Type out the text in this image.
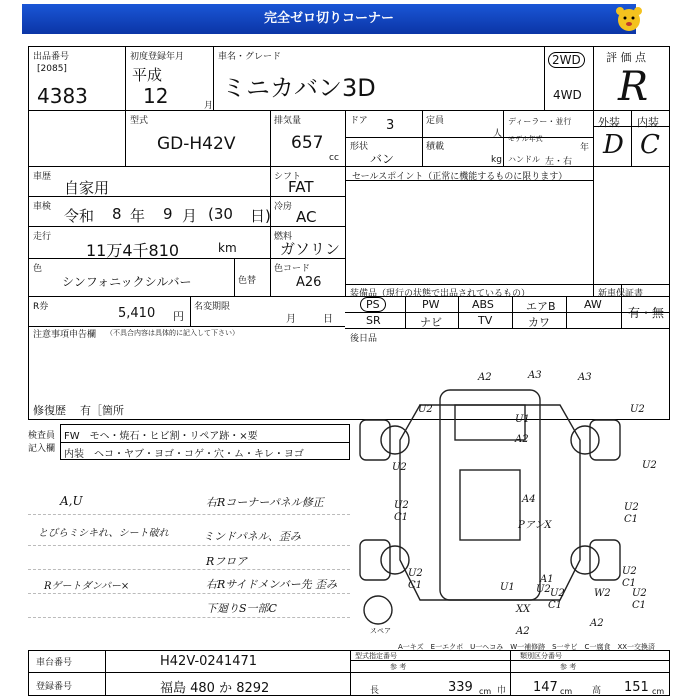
完全ゼロ切りコーナー
出品番号
[2085]
4383
初度登録年月
平成
12	月
車名・グレード
ミニカバン3D
2WD
4WD
評 価 点
R
型式
GD-H42V
排気量
657
cc
ドア 3	定員
人
形状
バン
積載
kg
ディーラー・並行
モデル年式
年
ハンドル 左・右
外装 内装
D C
車歴
自家用
シフト
FAT
車検 令和 8 年 9 月 (30 日) 冷房
AC
走行
11万4千810	km
燃料
ガソリン
色
シンフォニックシルバー	色替
色コード
A26
セールスポイント（正常に機能するものに限ります）
装備品（現行の状態で出品されているもの）	新車保証書
R券	5,410 円
名変期限
月	日
PS	PW	ABS	エアB	AW
SR	ナビ	TV	カワ
有・無
後日品
注意事項申告欄 （不具合内容は具体的に記入して下さい）
修復歴 有［箇所
検査員
記入欄
FW　モヘ・焼石・ヒビ割・リペア跡・×要
内装　ヘコ・ヤブ・ヨゴ・コゲ・穴・ム・キレ・ヨゴ
A,U
とびらミシキれ、シート破れ
Rゲートダンパー×
右Rコーナーパネル修正
ミンドパネル、歪み
Rフロア
右Rサイドメンバー先 歪み
下廻りS一部C
A2	A3	A3
U2
U1
A2
U2
U2
A4
U2
U2
C1
PアンX
U2
C1
A1
U2
C1
A2
U2
C1
W2
U2
U2
XX
U1
A2
U2
C1
C1
スペア
A一キズ　E一エクボ　U一ヘコみ　W一補修跡　S一サビ　C一腐食　XX一交換済
車台番号	H42V-0241471
登録番号	福島 480 か 8292
型式指定番号
参 考
類別区分番号
参 考
長	339 cm 巾 147 cm 高 151 cm
